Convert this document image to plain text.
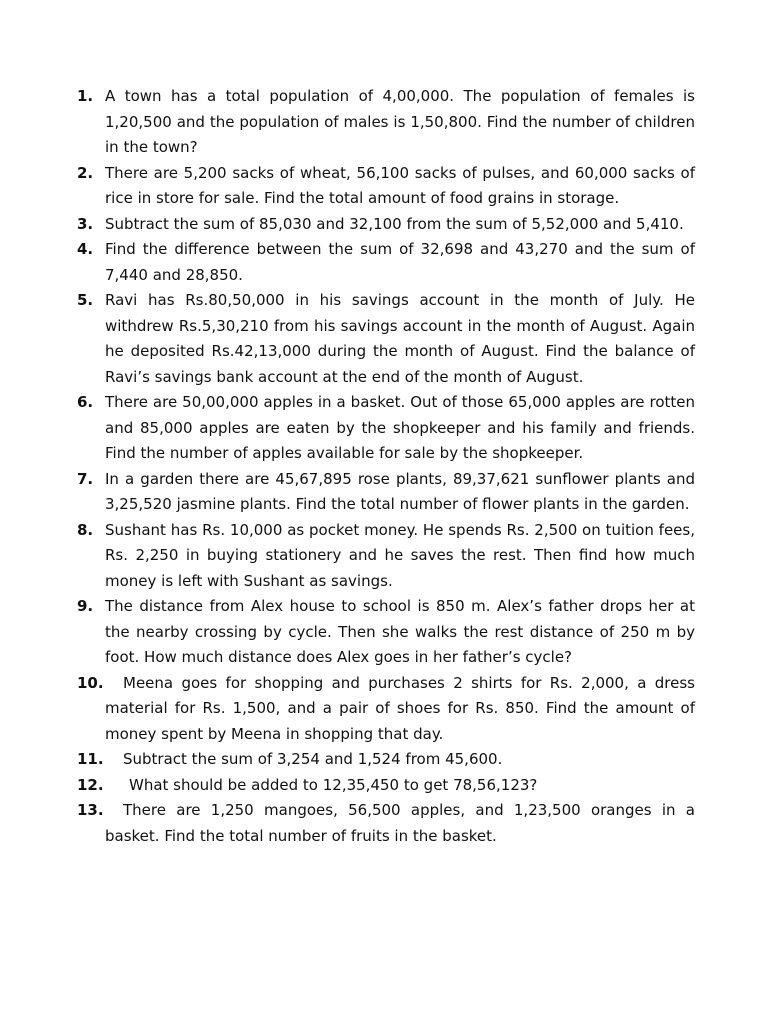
1. A town has a total population of 4,00,000. The population of females is 1,20,500 and the population of males is 1,50,800. Find the number of children in the town?
2. There are 5,200 sacks of wheat, 56,100 sacks of pulses, and 60,000 sacks of rice in store for sale. Find the total amount of food grains in storage.
3. Subtract the sum of 85,030 and 32,100 from the sum of 5,52,000 and 5,410.
4. Find the difference between the sum of 32,698 and 43,270 and the sum of 7,440 and 28,850.
5. Ravi has Rs.80,50,000 in his savings account in the month of July. He withdrew Rs.5,30,210 from his savings account in the month of August. Again he deposited Rs.42,13,000 during the month of August. Find the balance of Ravi’s savings bank account at the end of the month of August.
6. There are 50,00,000 apples in a basket. Out of those 65,000 apples are rotten and 85,000 apples are eaten by the shopkeeper and his family and friends. Find the number of apples available for sale by the shopkeeper.
7. In a garden there are 45,67,895 rose plants, 89,37,621 sunflower plants and 3,25,520 jasmine plants. Find the total number of flower plants in the garden.
8. Sushant has Rs. 10,000 as pocket money. He spends Rs. 2,500 on tuition fees, Rs. 2,250 in buying stationery and he saves the rest. Then find how much money is left with Sushant as savings.
9. The distance from Alex house to school is 850 m. Alex’s father drops her at the nearby crossing by cycle. Then she walks the rest distance of 250 m by foot. How much distance does Alex goes in her father’s cycle?
10.	Meena goes for shopping and purchases 2 shirts for Rs. 2,000, a dress material for Rs. 1,500, and a pair of shoes for Rs. 850. Find the amount of money spent by Meena in shopping that day.
11.	Subtract the sum of 3,254 and 1,524 from 45,600.
12.	What should be added to 12,35,450 to get 78,56,123?
13.	There are 1,250 mangoes, 56,500 apples, and 1,23,500 oranges in a basket. Find the total number of fruits in the basket.
